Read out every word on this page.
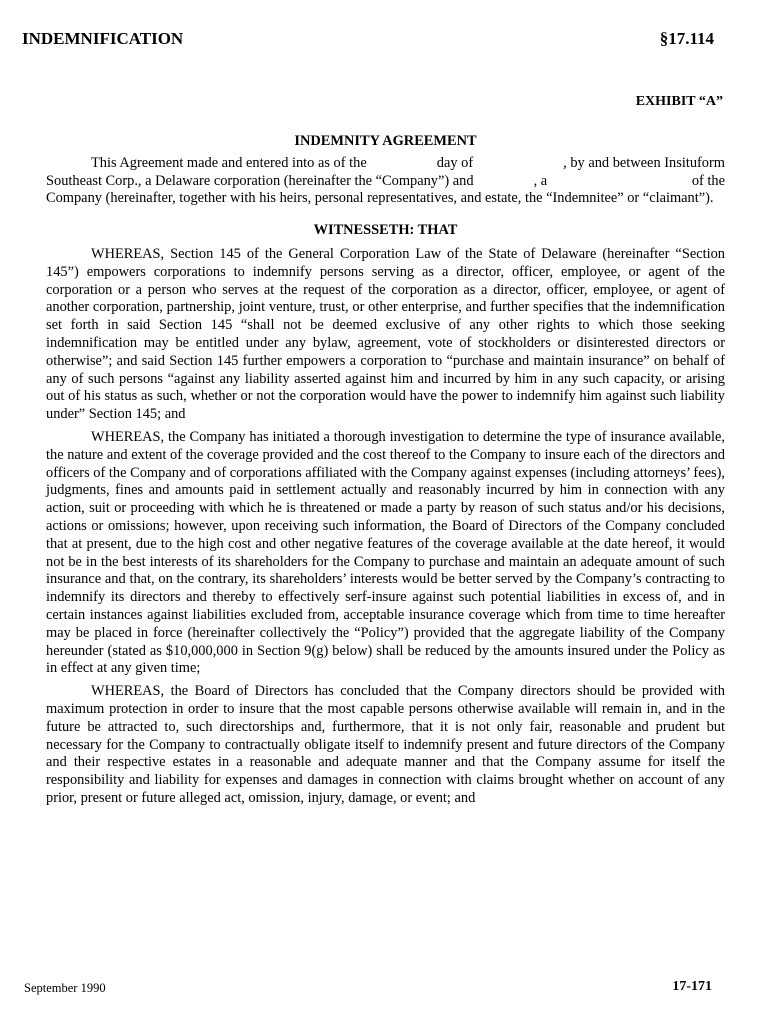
INDEMNIFICATION	§17.114
EXHIBIT “A”
INDEMNITY AGREEMENT
This Agreement made and entered into as of the	day of	, by and between Insituform
Southeast Corp., a Delaware corporation (hereinafter the “Company”) and	, a	of the
Company (hereinafter, together with his heirs, personal representatives, and estate, the “Indemnitee” or “claimant”).
WITNESSETH: THAT

WHEREAS, Section 145 of the General Corporation Law of the State of Delaware (hereinafter “Section 145”) empowers corporations to indemnify persons serving as a director, officer, employee, or agent of the corporation or a person who serves at the request of the corporation as a director, officer, employee, or agent of another corporation, partnership, joint venture, trust, or other enterprise, and further specifies that the indemnification set forth in said Section 145 “shall not be deemed exclusive of any other rights to which those seeking indemnification may be entitled under any bylaw, agreement, vote of stockholders or disinterested directors or otherwise”; and said Section 145 further empowers a corporation to “purchase and maintain insurance” on behalf of any of such persons “against any liability asserted against him and incurred by him in any such capacity, or arising out of his status as such, whether or not the corporation would have the power to indemnify him against such liability under” Section 145; and

WHEREAS, the Company has initiated a thorough investigation to determine the type of insurance available, the nature and extent of the coverage provided and the cost thereof to the Company to insure each of the directors and officers of the Company and of corporations affiliated with the Company against expenses (including attorneys’ fees), judgments, fines and amounts paid in settlement actually and reasonably incurred by him in connection with any action, suit or proceeding with which he is threatened or made a party by reason of such status and/or his decisions, actions or omissions; however, upon receiving such information, the Board of Directors of the Company concluded that at present, due to the high cost and other negative features of the coverage available at the date hereof, it would not be in the best interests of its shareholders for the Company to purchase and maintain an adequate amount of such insurance and that, on the contrary, its shareholders’ interests would be better served by the Company’s contracting to indemnify its directors and thereby to effectively serf-insure against such potential liabilities in excess of, and in certain instances against liabilities excluded from, acceptable insurance coverage which from time to time hereafter may be placed in force (hereinafter collectively the “Policy”) provided that the aggregate liability of the Company hereunder (stated as $10,000,000 in Section 9(g) below) shall be reduced by the amounts insured under the Policy as in effect at any given time;

WHEREAS, the Board of Directors has concluded that the Company directors should be provided with maximum protection in order to insure that the most capable persons otherwise available will remain in, and in the future be attracted to, such directorships and, furthermore, that it is not only fair, reasonable and prudent but necessary for the Company to contractually obligate itself to indemnify present and future directors of the Company and their respective estates in a reasonable and adequate manner and that the Company assume for itself the responsibility and liability for expenses and damages in connection with claims brought whether on account of any prior, present or future alleged act, omission, injury, damage, or event; and

September 1990	17-171
